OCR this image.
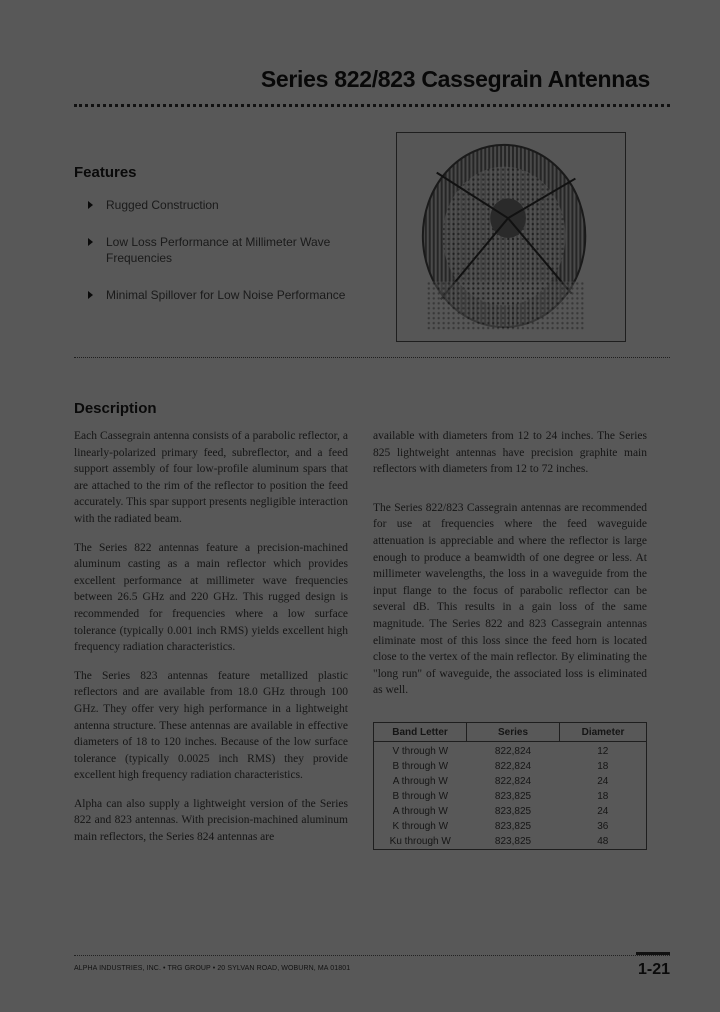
Series 822/823 Cassegrain Antennas
Features
Rugged Construction
Low Loss Performance at Millimeter Wave Frequencies
Minimal Spillover for Low Noise Performance
Description

Each Cassegrain antenna consists of a parabolic reflector, a linearly-polarized primary feed, subreflector, and a feed support assembly of four low-profile aluminum spars that are attached to the rim of the reflector to position the feed accurately. This spar support presents negligible interaction with the radiated beam.

The Series 822 antennas feature a precision-machined aluminum casting as a main reflector which provides excellent performance at millimeter wave frequencies between 26.5 GHz and 220 GHz. This rugged design is recommended for frequencies where a low surface tolerance (typically 0.001 inch RMS) yields excellent high frequency radiation characteristics.

The Series 823 antennas feature metallized plastic reflectors and are available from 18.0 GHz through 100 GHz. They offer very high performance in a lightweight antenna structure. These antennas are available in effective diameters of 18 to 120 inches. Because of the low surface tolerance (typically 0.0025 inch RMS) they provide excellent high frequency radiation characteristics.

Alpha can also supply a lightweight version of the Series 822 and 823 antennas. With precision-machined aluminum main reflectors, the Series 824 antennas are

available with diameters from 12 to 24 inches. The Series 825 lightweight antennas have precision graphite main reflectors with diameters from 12 to 72 inches.

The Series 822/823 Cassegrain antennas are recommended for use at frequencies where the feed waveguide attenuation is appreciable and where the reflector is large enough to produce a beamwidth of one degree or less. At millimeter wavelengths, the loss in a waveguide from the input flange to the focus of parabolic reflector can be several dB. This results in a gain loss of the same magnitude. The Series 822 and 823 Cassegrain antennas eliminate most of this loss since the feed horn is located close to the vertex of the main reflector. By eliminating the "long run" of waveguide, the associated loss is eliminated as well.

Band Letter	Series	Diameter
V through W	822,824	12
B through W	822,824	18
A through W	822,824	24
B through W	823,825	18
A through W	823,825	24
K through W	823,825	36
Ku through W	823,825	48
ALPHA INDUSTRIES, INC. • TRG GROUP • 20 SYLVAN ROAD, WOBURN, MA 01801	1-21
